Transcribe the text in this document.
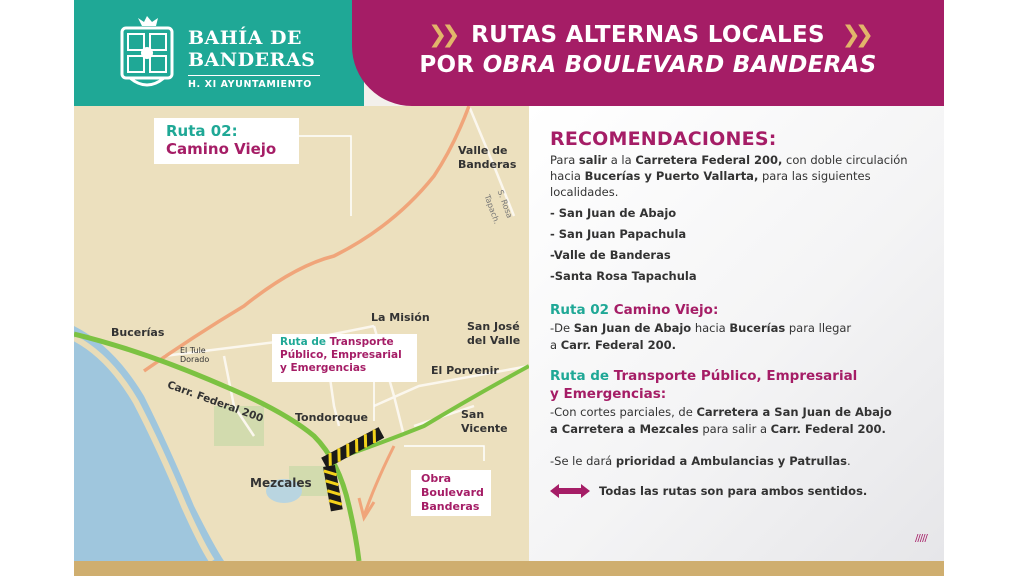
BAHÍA DE
BANDERAS
H. XI AYUNTAMIENTO
❯❯ RUTAS ALTERNAS LOCALES ❯❯
POR OBRA BOULEVARD BANDERAS
Ruta 02:
Camino Viejo
Ruta de Transporte
Público, Empresarial
y Emergencias
Obra
Boulevard
Banderas
Valle de
Banderas
S. Rosa Tapach.
Bucerías
El Tule
Dorado
La Misión
San José
del Valle
El Porvenir
Tondoroque	San
Vicente
Mezcales
Carr. Federal 200
RECOMENDACIONES:
Para salir a la Carretera Federal 200, con doble circulación hacia Bucerías y Puerto Vallarta, para las siguientes localidades.
- San Juan de Abajo
- San Juan Papachula
-Valle de Banderas
-Santa Rosa Tapachula
Ruta 02 Camino Viejo:
-De San Juan de Abajo hacia Bucerías para llegar
a Carr. Federal 200.
Ruta de Transporte Público, Empresarial
y Emergencias:
-Con cortes parciales, de Carretera a San Juan de Abajo
a Carretera a Mezcales para salir a Carr. Federal 200.
-Se le dará prioridad a Ambulancias y Patrullas.
Todas las rutas son para ambos sentidos.
/////
